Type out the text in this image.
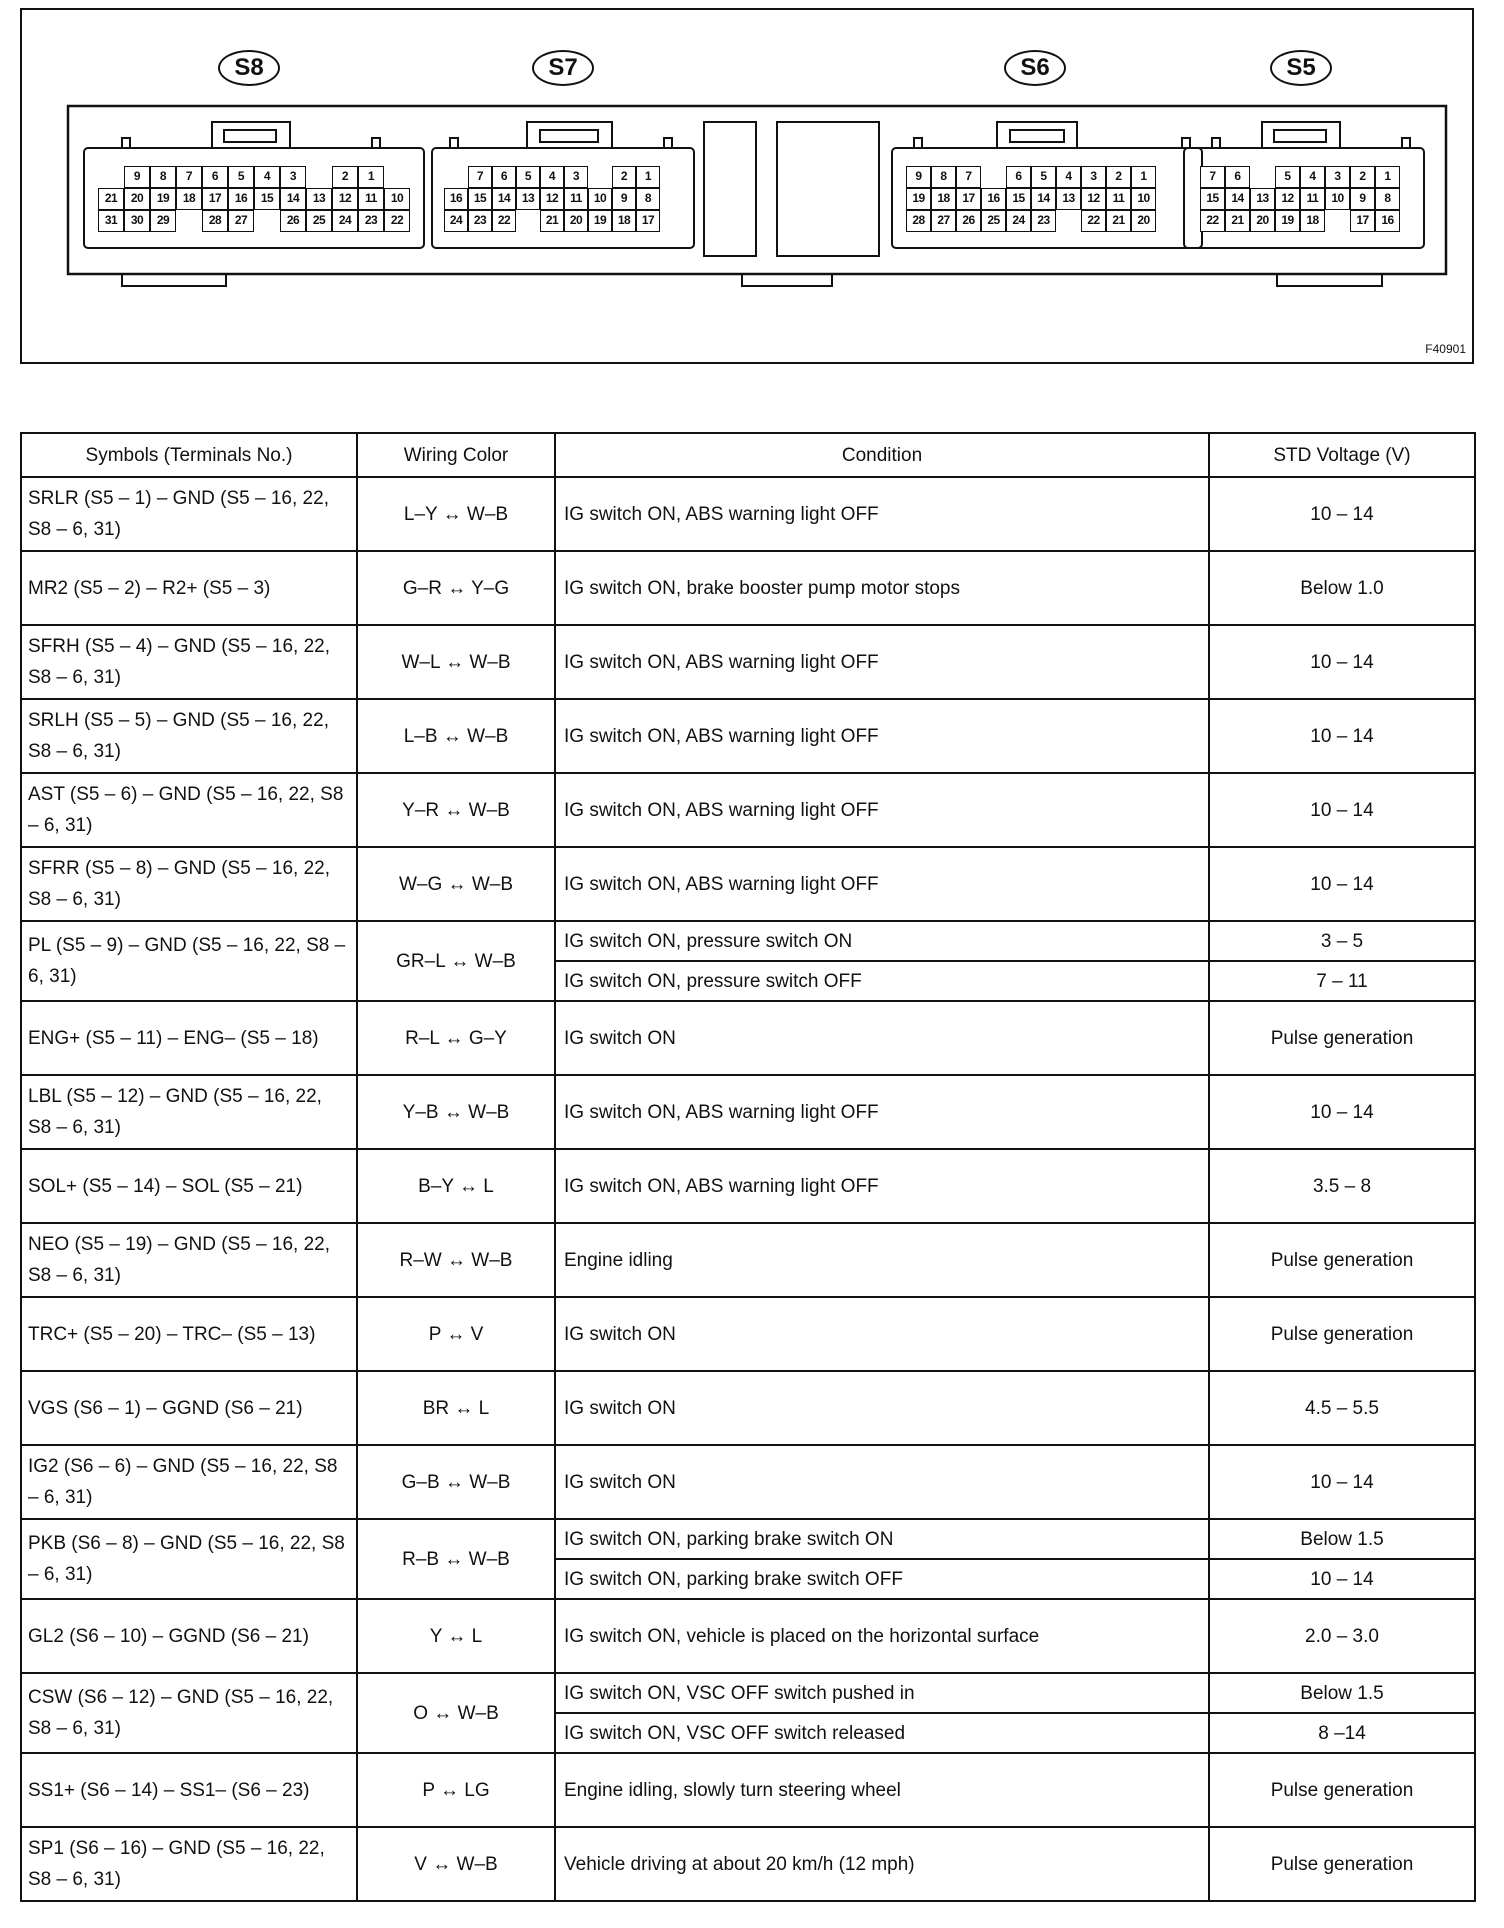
S8	S7	S6	S5
9	8	7	6	5	4	3	2	1
21	20	19	18	17	16	15	14	13	12	11	10
31	30	29	28	27	26	25	24	23	22
7	6	5	4	3	2	1
16 15 14 13 12 11 10	9	8
24 23 22	21 20 19 18 17
9	8	7	6	5	4	3	2	1
19	18	17	16	15	14	13	12	11	10
28	27	26	25	24	23	22	21	20
7	6	5	4	3	2	1
15	14	13	12	11	10	9	8
22	21	20	19	18	17	16
F40901
Symbols (Terminals No.)	Wiring Color	Condition	STD Voltage (V)
SRLR (S5 – 1) – GND (S5 – 16, 22, S8 – 6, 31)	L–Y ↔ W–B	IG switch ON, ABS warning light OFF	10 – 14
MR2 (S5 – 2) – R2+ (S5 – 3)	G–R ↔ Y–G	IG switch ON, brake booster pump motor stops	Below 1.0
SFRH (S5 – 4) – GND (S5 – 16, 22, S8 – 6, 31)	W–L ↔ W–B	IG switch ON, ABS warning light OFF	10 – 14
SRLH (S5 – 5) – GND (S5 – 16, 22, S8 – 6, 31)	L–B ↔ W–B	IG switch ON, ABS warning light OFF	10 – 14
AST (S5 – 6) – GND (S5 – 16, 22, S8 – 6, 31)	Y–R ↔ W–B	IG switch ON, ABS warning light OFF	10 – 14
SFRR (S5 – 8) – GND (S5 – 16, 22, S8 – 6, 31)	W–G ↔ W–B	IG switch ON, ABS warning light OFF	10 – 14
PL (S5 – 9) – GND (S5 – 16, 22, S8 – 6, 31)	GR–L ↔ W–B	IG switch ON, pressure switch ON	3 – 5
		IG switch ON, pressure switch OFF	7 – 11
ENG+ (S5 – 11) – ENG– (S5 – 18)	R–L ↔ G–Y	IG switch ON	Pulse generation
LBL (S5 – 12) – GND (S5 – 16, 22, S8 – 6, 31)	Y–B ↔ W–B	IG switch ON, ABS warning light OFF	10 – 14
SOL+ (S5 – 14) – SOL (S5 – 21)	B–Y ↔ L	IG switch ON, ABS warning light OFF	3.5 – 8
NEO (S5 – 19) – GND (S5 – 16, 22, S8 – 6, 31)	R–W ↔ W–B	Engine idling	Pulse generation
TRC+ (S5 – 20) – TRC– (S5 – 13)	P ↔ V	IG switch ON	Pulse generation
VGS (S6 – 1) – GGND (S6 – 21)	BR ↔ L	IG switch ON	4.5 – 5.5
IG2 (S6 – 6) – GND (S5 – 16, 22, S8 – 6, 31)	G–B ↔ W–B	IG switch ON	10 – 14
PKB (S6 – 8) – GND (S5 – 16, 22, S8 – 6, 31)	R–B ↔ W–B	IG switch ON, parking brake switch ON	Below 1.5
		IG switch ON, parking brake switch OFF	10 – 14
GL2 (S6 – 10) – GGND (S6 – 21)	Y ↔ L	IG switch ON, vehicle is placed on the horizontal surface	2.0 – 3.0
CSW (S6 – 12) – GND (S5 – 16, 22, S8 – 6, 31)	O ↔ W–B	IG switch ON, VSC OFF switch pushed in	Below 1.5
		IG switch ON, VSC OFF switch released	8 –14
SS1+ (S6 – 14) – SS1– (S6 – 23)	P ↔ LG	Engine idling, slowly turn steering wheel	Pulse generation
SP1 (S6 – 16) – GND (S5 – 16, 22, S8 – 6, 31)	V ↔ W–B	Vehicle driving at about 20 km/h (12 mph)	Pulse generation
